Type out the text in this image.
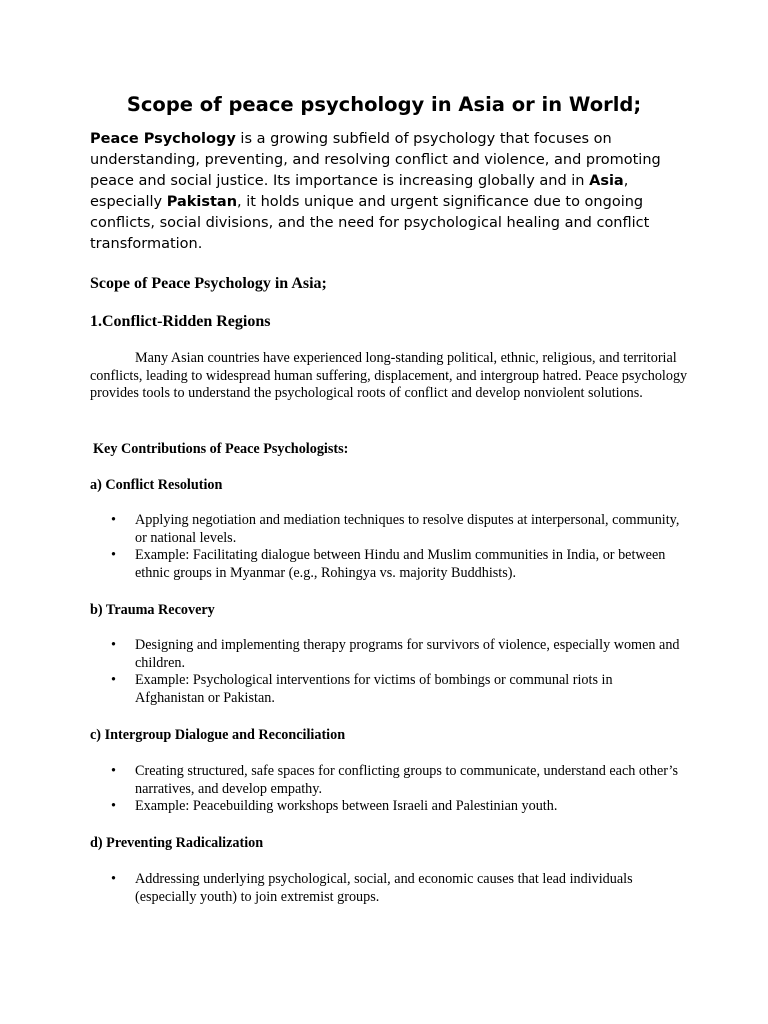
Scope of peace psychology in Asia or in World;

Peace Psychology is a growing subfield of psychology that focuses on understanding, preventing, and resolving conflict and violence, and promoting peace and social justice. Its importance is increasing globally and in Asia, especially Pakistan, it holds unique and urgent significance due to ongoing conflicts, social divisions, and the need for psychological healing and conflict transformation.

Scope of Peace Psychology in Asia;
1.Conflict-Ridden Regions

Many Asian countries have experienced long-standing political, ethnic, religious, and territorial conflicts, leading to widespread human suffering, displacement, and intergroup hatred. Peace psychology provides tools to understand the psychological roots of conflict and develop nonviolent solutions.

Key Contributions of Peace Psychologists:
a) Conflict Resolution
• Applying negotiation and mediation techniques to resolve disputes at interpersonal, community, or national levels.
• Example: Facilitating dialogue between Hindu and Muslim communities in India, or between ethnic groups in Myanmar (e.g., Rohingya vs. majority Buddhists).
b) Trauma Recovery
• Designing and implementing therapy programs for survivors of violence, especially women and children.
• Example: Psychological interventions for victims of bombings or communal riots in Afghanistan or Pakistan.
c) Intergroup Dialogue and Reconciliation
• Creating structured, safe spaces for conflicting groups to communicate, understand each other’s narratives, and develop empathy.
• Example: Peacebuilding workshops between Israeli and Palestinian youth.
d) Preventing Radicalization
• Addressing underlying psychological, social, and economic causes that lead individuals (especially youth) to join extremist groups.
